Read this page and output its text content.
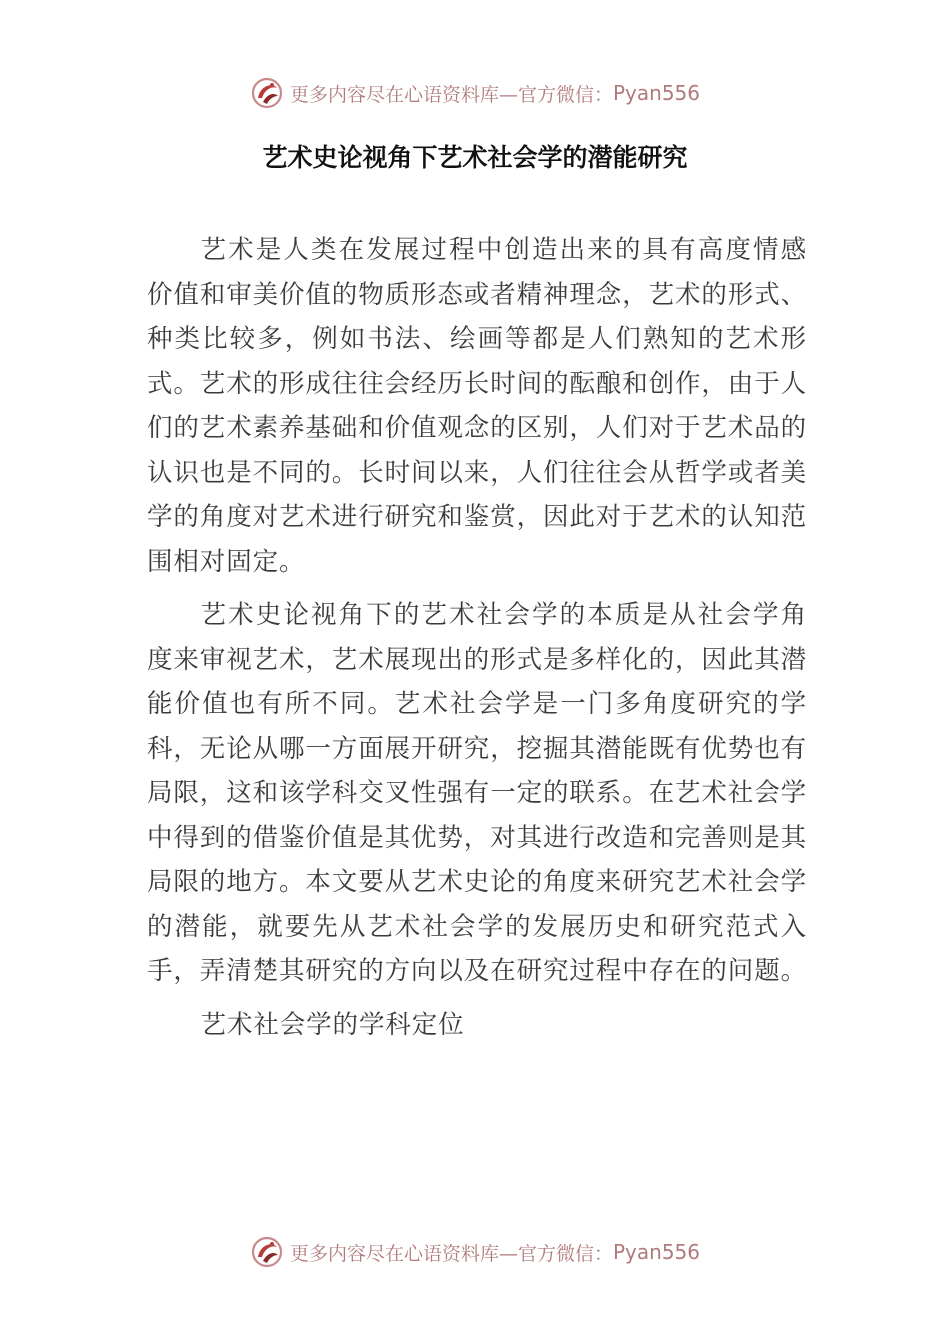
更多内容尽在心语资料库—官方微信： Pyan556
艺术史论视角下艺术社会学的潜能研究

艺术是人类在发展过程中创造出来的具有高度情感价值和审美价值的物质形态或者精神理念，艺术的形式、种类比较多，例如书法、绘画等都是人们熟知的艺术形式。艺术的形成往往会经历长时间的酝酿和创作，由于人们的艺术素养基础和价值观念的区别，人们对于艺术品的认识也是不同的。长时间以来，人们往往会从哲学或者美学的角度对艺术进行研究和鉴赏，因此对于艺术的认知范围相对固定。

艺术史论视角下的艺术社会学的本质是从社会学角度来审视艺术，艺术展现出的形式是多样化的，因此其潜能价值也有所不同。艺术社会学是一门多角度研究的学科，无论从哪一方面展开研究，挖掘其潜能既有优势也有局限，这和该学科交叉性强有一定的联系。在艺术社会学中得到的借鉴价值是其优势，对其进行改造和完善则是其局限的地方。本文要从艺术史论的角度来研究艺术社会学的潜能，就要先从艺术社会学的发展历史和研究范式入手，弄清楚其研究的方向以及在研究过程中存在的问题。

艺术社会学的学科定位

更多内容尽在心语资料库—官方微信： Pyan556
